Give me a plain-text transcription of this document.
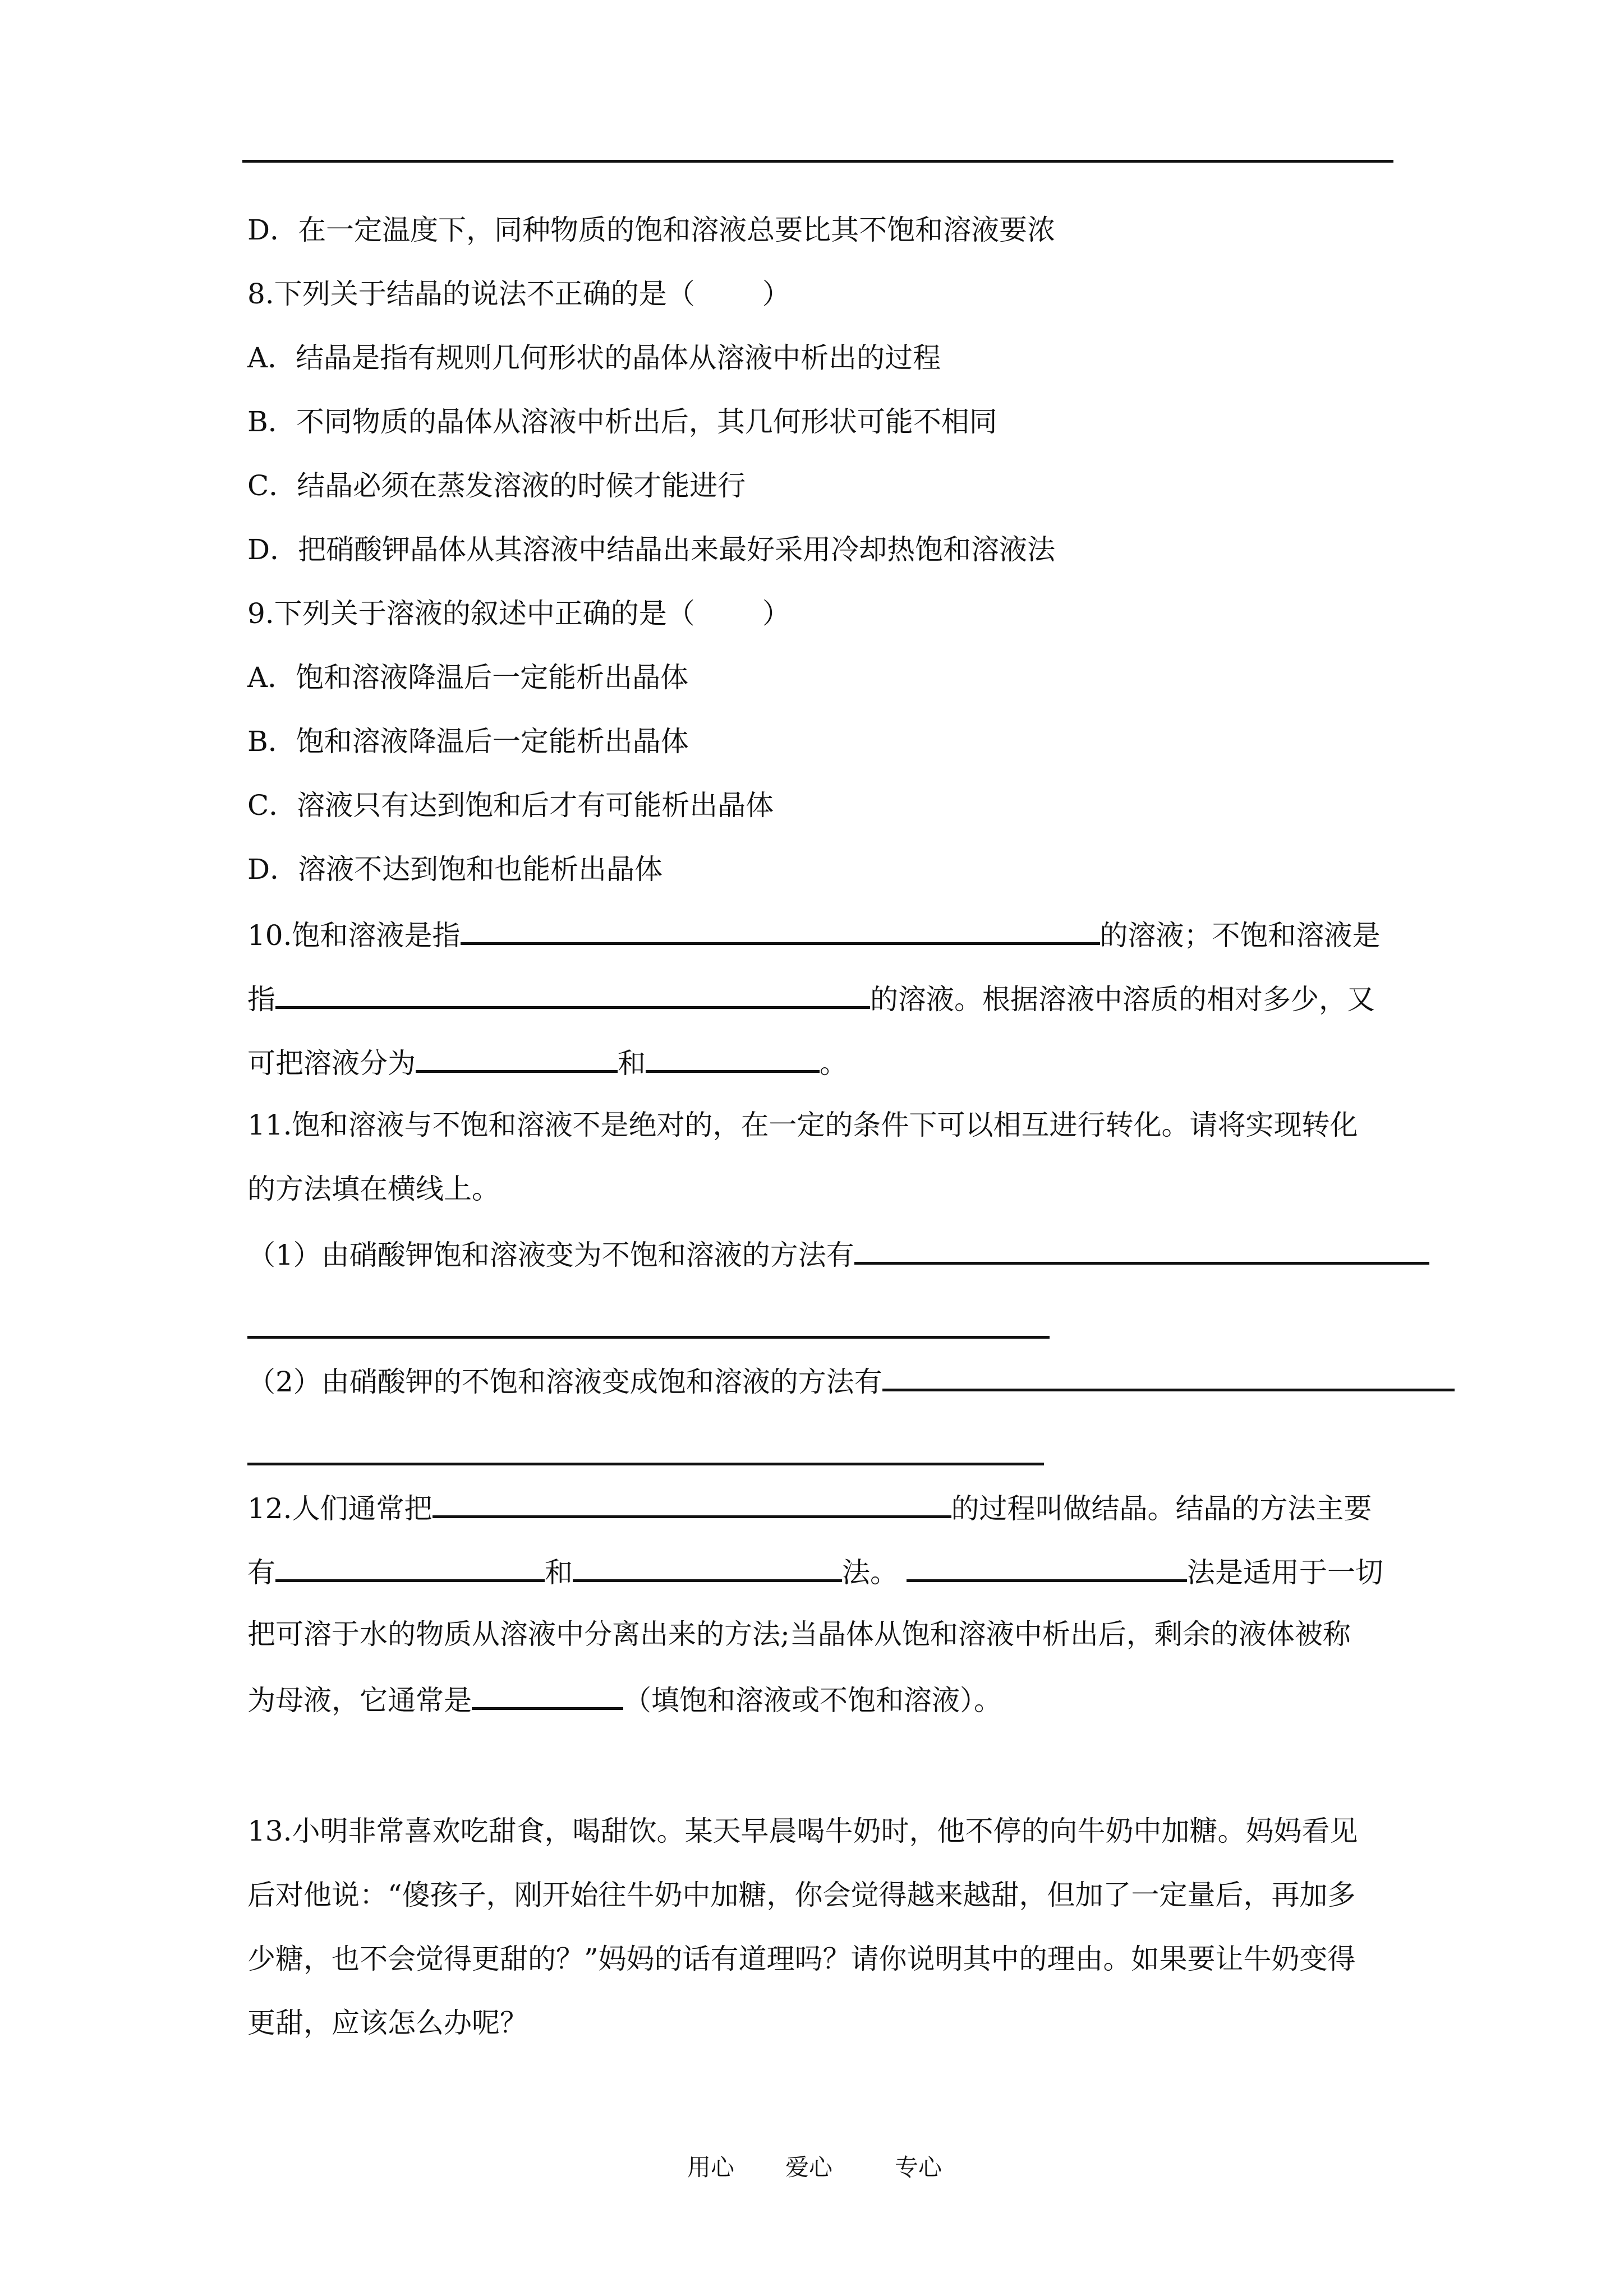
D．在一定温度下，同种物质的饱和溶液总要比其不饱和溶液要浓
8.下列关于结晶的说法不正确的是（ ）
A．结晶是指有规则几何形状的晶体从溶液中析出的过程
B．不同物质的晶体从溶液中析出后，其几何形状可能不相同
C．结晶必须在蒸发溶液的时候才能进行
D．把硝酸钾晶体从其溶液中结晶出来最好采用冷却热饱和溶液法
9.下列关于溶液的叙述中正确的是（ ）
A．饱和溶液降温后一定能析出晶体
B．饱和溶液降温后一定能析出晶体
C．溶液只有达到饱和后才有可能析出晶体
D．溶液不达到饱和也能析出晶体
10.饱和溶液是指	的溶液；不饱和溶液是
指	的溶液。根据溶液中溶质的相对多少，又
可把溶液分为	和	。
11.饱和溶液与不饱和溶液不是绝对的，在一定的条件下可以相互进行转化。请将实现转化
的方法填在横线上。
（1）由硝酸钾饱和溶液变为不饱和溶液的方法有
（2）由硝酸钾的不饱和溶液变成饱和溶液的方法有
12.人们通常把	的过程叫做结晶。结晶的方法主要
有	和	法。	法是适用于一切
把可溶于水的物质从溶液中分离出来的方法;当晶体从饱和溶液中析出后，剩余的液体被称
为母液，它通常是	（填饱和溶液或不饱和溶液）。
13.小明非常喜欢吃甜食，喝甜饮。某天早晨喝牛奶时，他不停的向牛奶中加糖。妈妈看见
后对他说：“傻孩子，刚开始往牛奶中加糖，你会觉得越来越甜，但加了一定量后，再加多
少糖，也不会觉得更甜的？”妈妈的话有道理吗？请你说明其中的理由。如果要让牛奶变得
更甜，应该怎么办呢？
用心 爱心	专心
